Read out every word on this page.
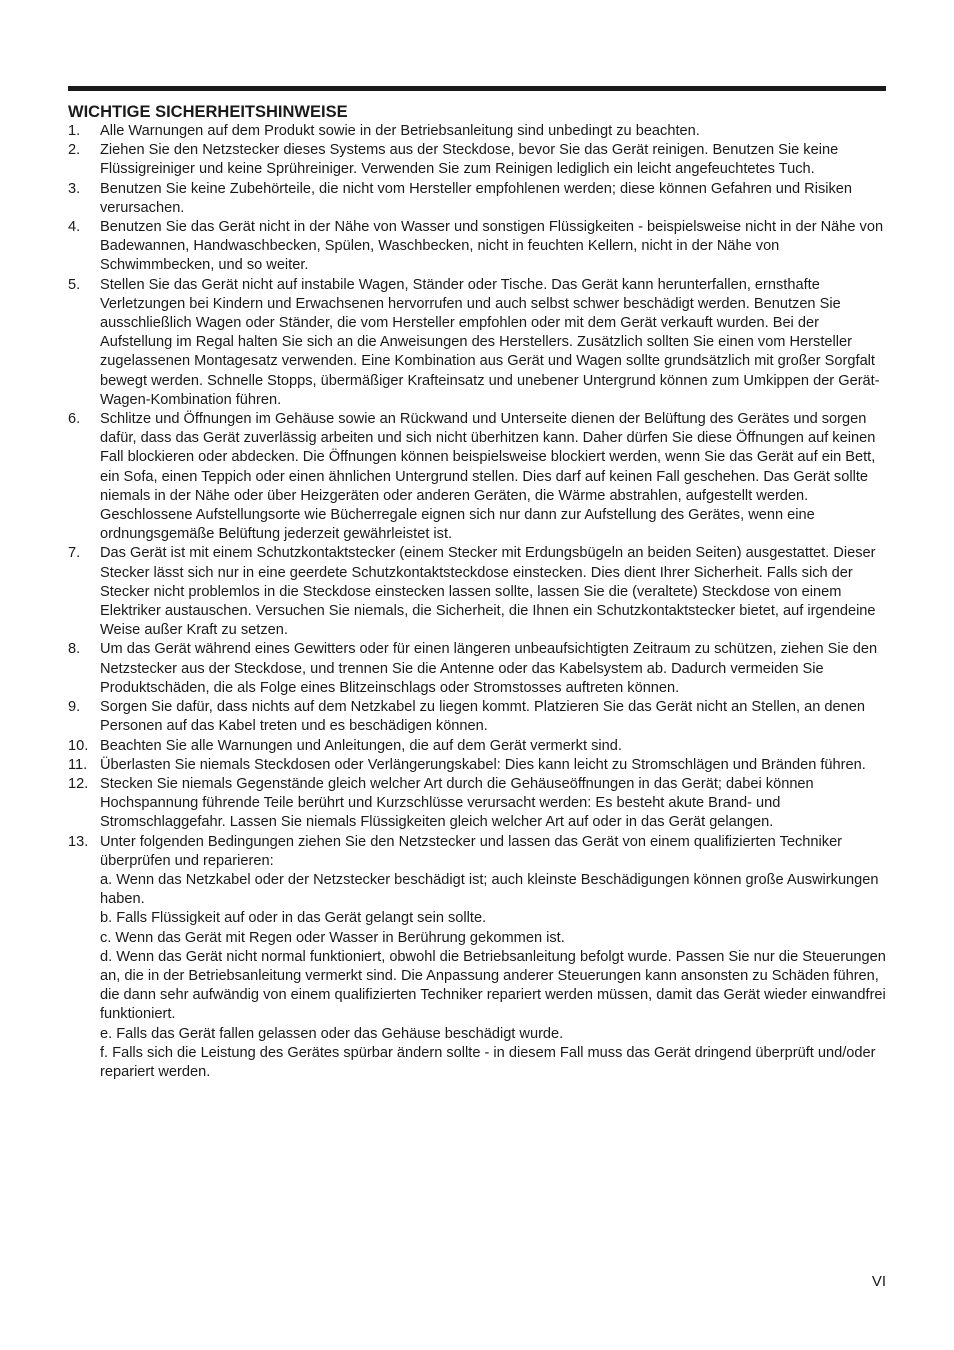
WICHTIGE SICHERHEITSHINWEISE
1.	Alle Warnungen auf dem Produkt sowie in der Betriebsanleitung sind unbedingt zu beachten.
2.	Ziehen Sie den Netzstecker dieses Systems aus der Steckdose, bevor Sie das Gerät reinigen. Benutzen Sie keine Flüssigreiniger und keine Sprühreiniger. Verwenden Sie zum Reinigen lediglich ein leicht angefeuchtetes Tuch.
3.	Benutzen Sie keine Zubehörteile, die nicht vom Hersteller empfohlenen werden; diese können Gefahren und Risiken verursachen.
4.	Benutzen Sie das Gerät nicht in der Nähe von Wasser und sonstigen Flüssigkeiten - beispielsweise nicht in der Nähe von Badewannen, Handwaschbecken, Spülen, Waschbecken, nicht in feuchten Kellern, nicht in der Nähe von Schwimmbecken, und so weiter.
5.	Stellen Sie das Gerät nicht auf instabile Wagen, Ständer oder Tische. Das Gerät kann herunterfallen, ernsthafte Verletzungen bei Kindern und Erwachsenen hervorrufen und auch selbst schwer beschädigt werden. Benutzen Sie ausschließlich Wagen oder Ständer, die vom Hersteller empfohlen oder mit dem Gerät verkauft wurden. Bei der Aufstellung im Regal halten Sie sich an die Anweisungen des Herstellers. Zusätzlich sollten Sie einen vom Hersteller zugelassenen Montagesatz verwenden. Eine Kombination aus Gerät und Wagen sollte grundsätzlich mit großer Sorgfalt bewegt werden. Schnelle Stopps, übermäßiger Krafteinsatz und unebener Untergrund können zum Umkippen der Gerät-Wagen-Kombination führen.
6.	Schlitze und Öffnungen im Gehäuse sowie an Rückwand und Unterseite dienen der Belüftung des Gerätes und sorgen dafür, dass das Gerät zuverlässig arbeiten und sich nicht überhitzen kann. Daher dürfen Sie diese Öffnungen auf keinen Fall blockieren oder abdecken. Die Öffnungen können beispielsweise blockiert werden, wenn Sie das Gerät auf ein Bett, ein Sofa, einen Teppich oder einen ähnlichen Untergrund stellen. Dies darf auf keinen Fall geschehen. Das Gerät sollte niemals in der Nähe oder über Heizgeräten oder anderen Geräten, die Wärme abstrahlen, aufgestellt werden. Geschlossene Aufstellungsorte wie Bücherregale eignen sich nur dann zur Aufstellung des Gerätes, wenn eine ordnungsgemäße Belüftung jederzeit gewährleistet ist.
7.	Das Gerät ist mit einem Schutzkontaktstecker (einem Stecker mit Erdungsbügeln an beiden Seiten) ausgestattet. Dieser Stecker lässt sich nur in eine geerdete Schutzkontaktsteckdose einstecken. Dies dient Ihrer Sicherheit. Falls sich der Stecker nicht problemlos in die Steckdose einstecken lassen sollte, lassen Sie die (veraltete) Steckdose von einem Elektriker austauschen. Versuchen Sie niemals, die Sicherheit, die Ihnen ein Schutzkontaktstecker bietet, auf irgendeine Weise außer Kraft zu setzen.
8.	Um das Gerät während eines Gewitters oder für einen längeren unbeaufsichtigten Zeitraum zu schützen, ziehen Sie den Netzstecker aus der Steckdose, und trennen Sie die Antenne oder das Kabelsystem ab. Dadurch vermeiden Sie Produktschäden, die als Folge eines Blitzeinschlags oder Stromstosses auftreten können.
9.	Sorgen Sie dafür, dass nichts auf dem Netzkabel zu liegen kommt. Platzieren Sie das Gerät nicht an Stellen, an denen Personen auf das Kabel treten und es beschädigen können.
10. Beachten Sie alle Warnungen und Anleitungen, die auf dem Gerät vermerkt sind.
11. Überlasten Sie niemals Steckdosen oder Verlängerungskabel: Dies kann leicht zu Stromschlägen und Bränden führen.
12. Stecken Sie niemals Gegenstände gleich welcher Art durch die Gehäuseöffnungen in das Gerät; dabei können Hochspannung führende Teile berührt und Kurzschlüsse verursacht werden: Es besteht akute Brand- und Stromschlaggefahr. Lassen Sie niemals Flüssigkeiten gleich welcher Art auf oder in das Gerät gelangen.
13. Unter folgenden Bedingungen ziehen Sie den Netzstecker und lassen das Gerät von einem qualifizierten Techniker überprüfen und reparieren:
a. Wenn das Netzkabel oder der Netzstecker beschädigt ist; auch kleinste Beschädigungen können große Auswirkungen haben.
b. Falls Flüssigkeit auf oder in das Gerät gelangt sein sollte.
c. Wenn das Gerät mit Regen oder Wasser in Berührung gekommen ist.
d. Wenn das Gerät nicht normal funktioniert, obwohl die Betriebsanleitung befolgt wurde. Passen Sie nur die Steuerungen an, die in der Betriebsanleitung vermerkt sind. Die Anpassung anderer Steuerungen kann ansonsten zu Schäden führen, die dann sehr aufwändig von einem qualifizierten Techniker repariert werden müssen, damit das Gerät wieder einwandfrei funktioniert.
e. Falls das Gerät fallen gelassen oder das Gehäuse beschädigt wurde.
f. Falls sich die Leistung des Gerätes spürbar ändern sollte - in diesem Fall muss das Gerät dringend überprüft und/oder repariert werden.
VI
